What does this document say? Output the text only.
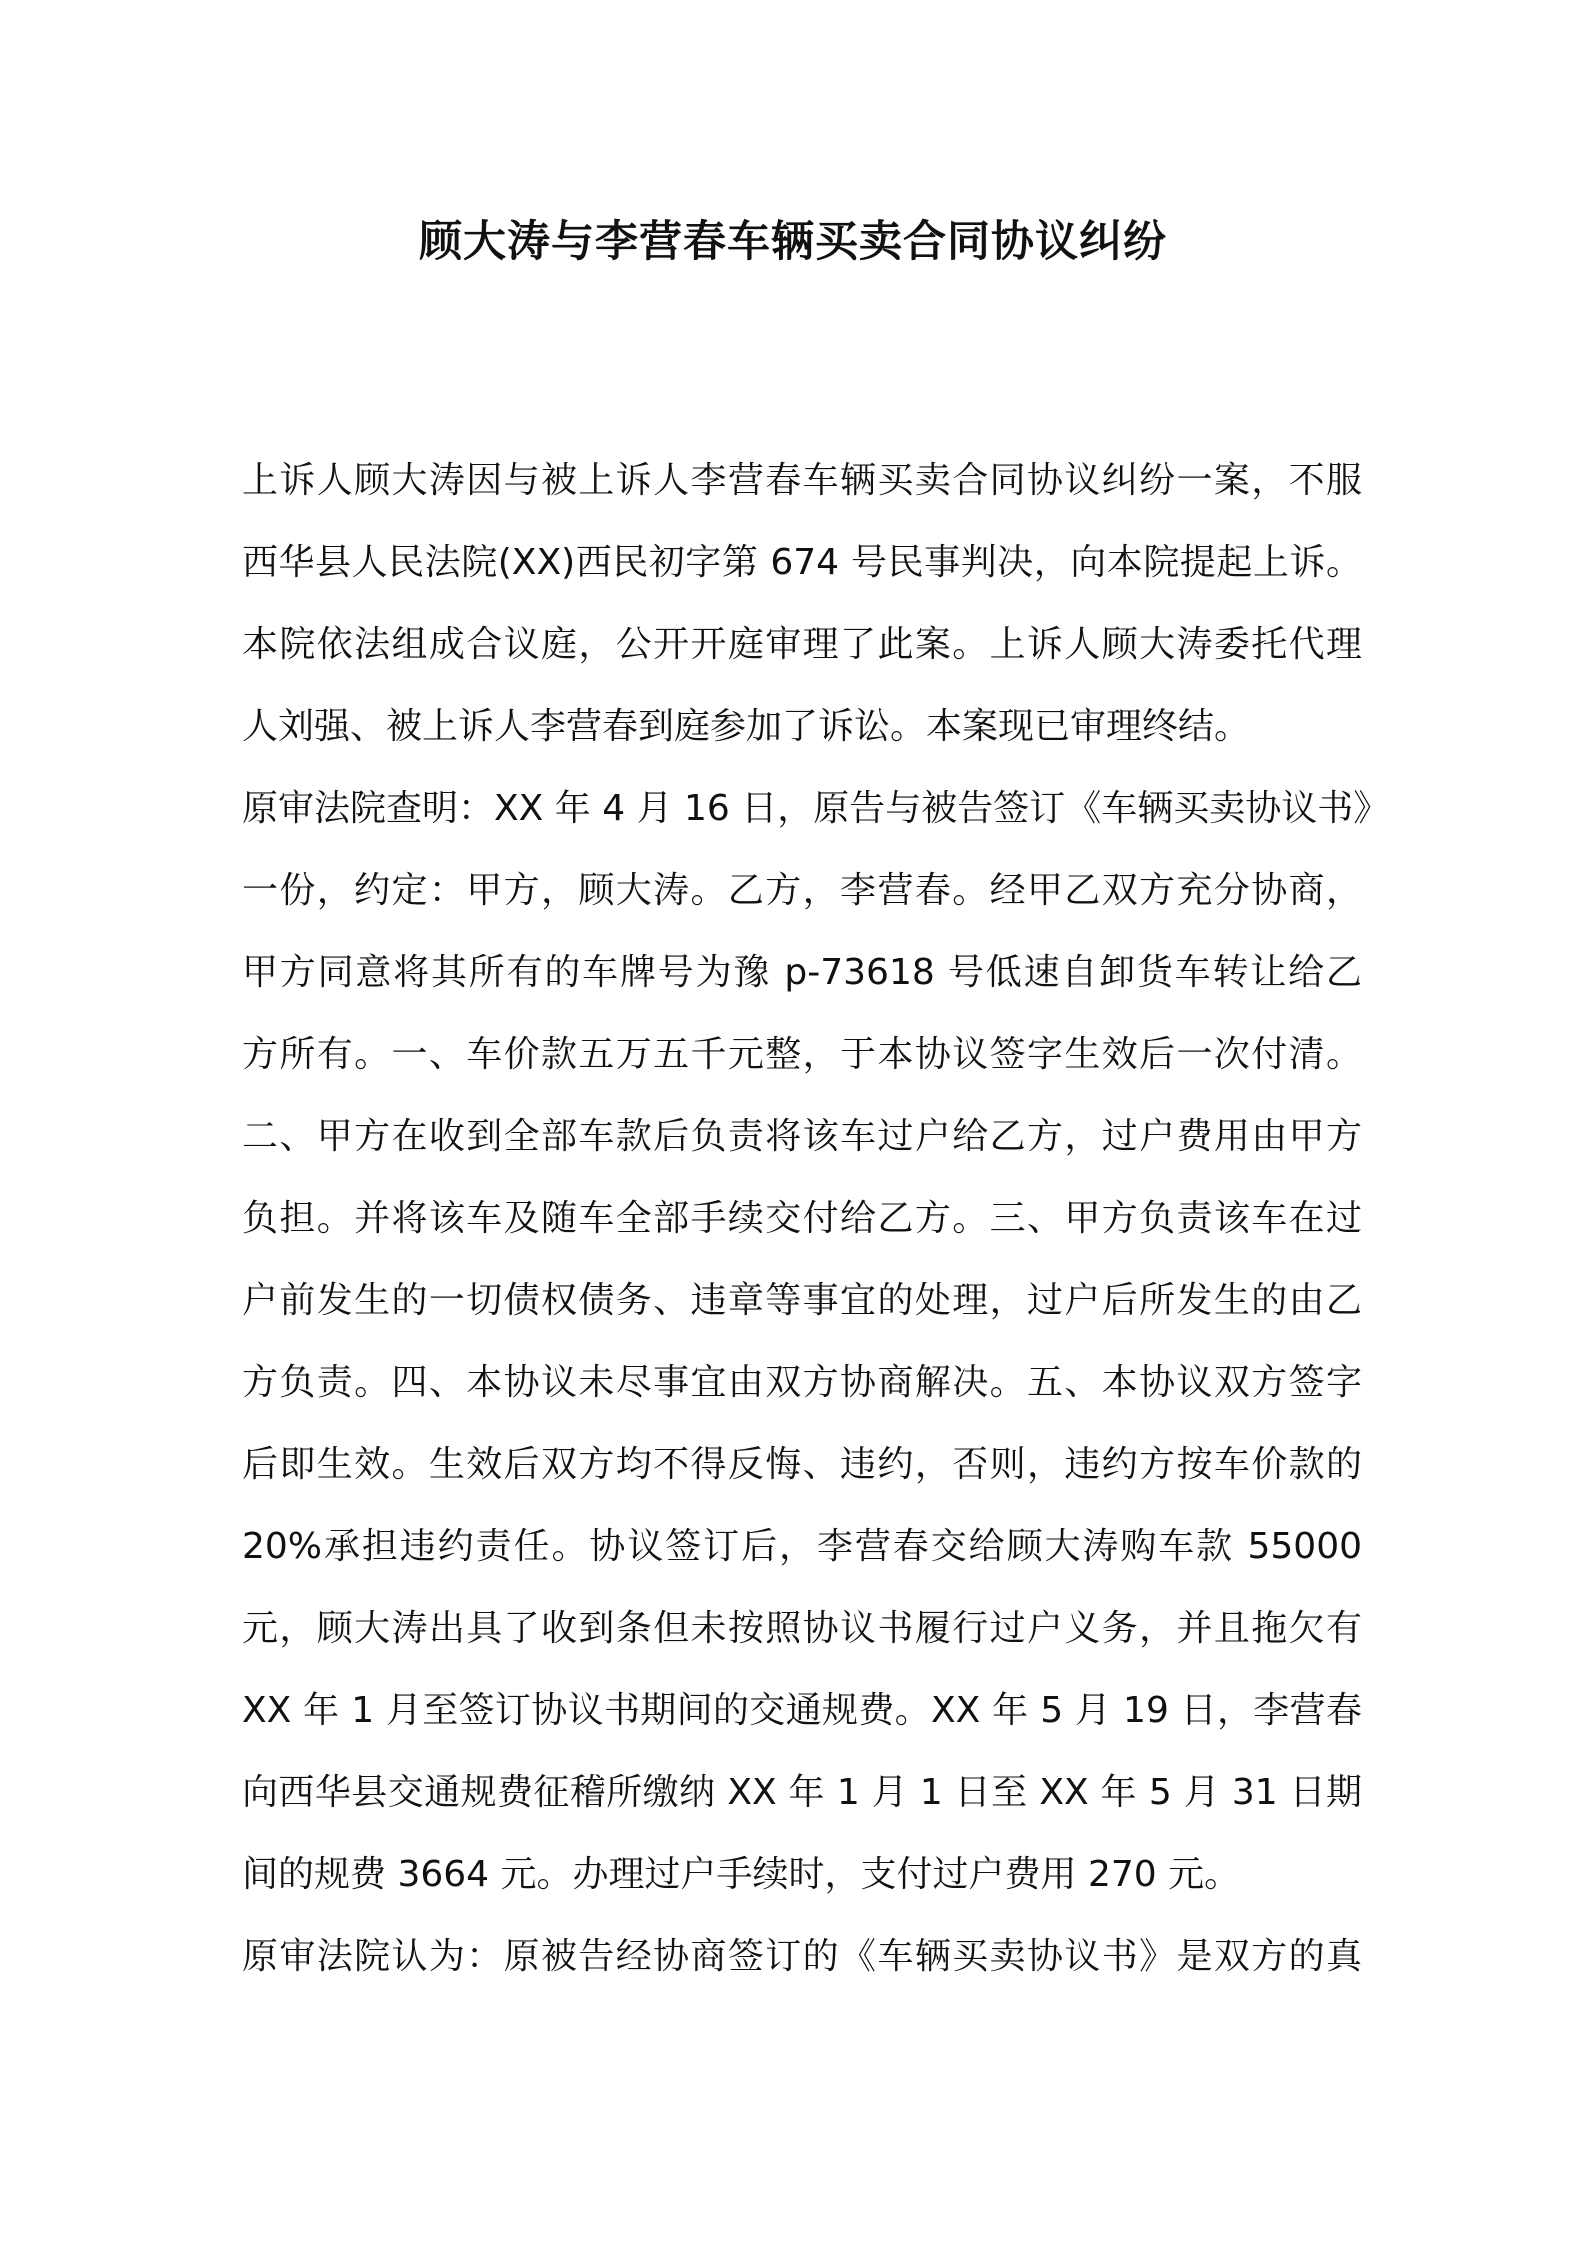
顾大涛与李营春车辆买卖合同协议纠纷
上诉人顾大涛因与被上诉人李营春车辆买卖合同协议纠纷一案，不服
西华县人民法院(XX)西民初字第 674 号民事判决，向本院提起上诉。
本院依法组成合议庭，公开开庭审理了此案。上诉人顾大涛委托代理
人刘强、被上诉人李营春到庭参加了诉讼。本案现已审理终结。
原审法院查明：XX 年 4 月 16 日，原告与被告签订《车辆买卖协议书》
一份，约定：甲方，顾大涛。乙方，李营春。经甲乙双方充分协商，
甲方同意将其所有的车牌号为豫 p-73618 号低速自卸货车转让给乙
方所有。一、车价款五万五千元整，于本协议签字生效后一次付清。
二、甲方在收到全部车款后负责将该车过户给乙方，过户费用由甲方
负担。并将该车及随车全部手续交付给乙方。三、甲方负责该车在过
户前发生的一切债权债务、违章等事宜的处理，过户后所发生的由乙
方负责。四、本协议未尽事宜由双方协商解决。五、本协议双方签字
后即生效。生效后双方均不得反悔、违约，否则，违约方按车价款的
20%承担违约责任。协议签订后，李营春交给顾大涛购车款 55000
元，顾大涛出具了收到条但未按照协议书履行过户义务，并且拖欠有
XX 年 1 月至签订协议书期间的交通规费。XX 年 5 月 19 日，李营春
向西华县交通规费征稽所缴纳 XX 年 1 月 1 日至 XX 年 5 月 31 日期
间的规费 3664 元。办理过户手续时，支付过户费用 270 元。
原审法院认为：原被告经协商签订的《车辆买卖协议书》是双方的真
